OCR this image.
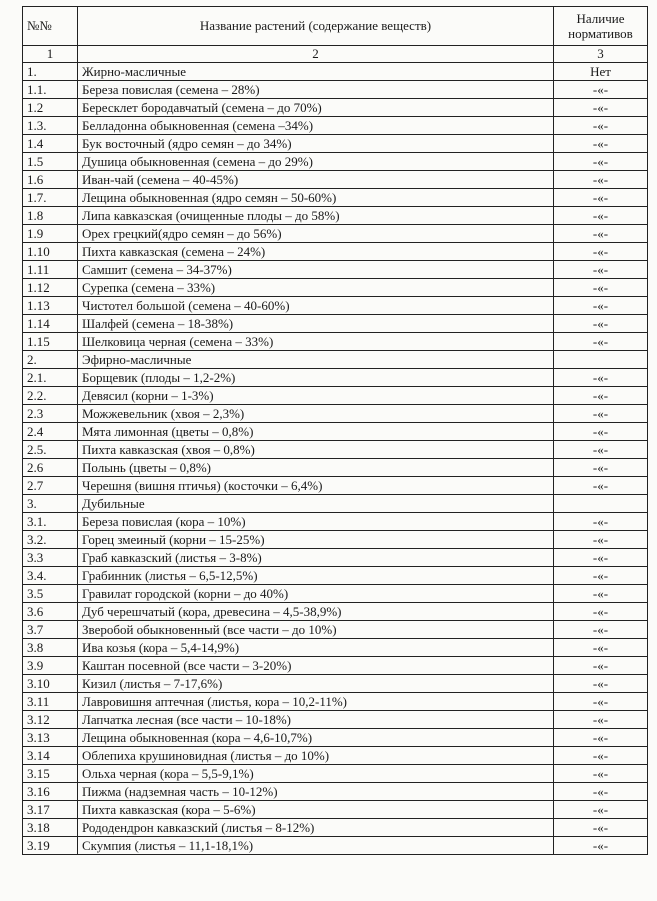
№№	Название растений (содержание веществ)	Наличие
нормативов
1	2	3
1.	Жирно-масличные	Нет
1.1.	Береза повислая (семена – 28%)	-«-
1.2	Бересклет бородавчатый (семена – до 70%)	-«-
1.3.	Белладонна обыкновенная (семена –34%)	-«-
1.4	Бук восточный (ядро семян – до 34%)	-«-
1.5	Душица обыкновенная (семена – до 29%)	-«-
1.6	Иван-чай (семена – 40-45%)	-«-
1.7.	Лещина обыкновенная (ядро семян – 50-60%)	-«-
1.8	Липа кавказская (очищенные плоды – до 58%)	-«-
1.9	Орех грецкий(ядро семян – до 56%)	-«-
1.10	Пихта кавказская (семена – 24%)	-«-
1.11	Самшит (семена – 34-37%)	-«-
1.12	Сурепка (семена – 33%)	-«-
1.13	Чистотел большой (семена – 40-60%)	-«-
1.14	Шалфей (семена – 18-38%)	-«-
1.15	Шелковица черная (семена – 33%)	-«-
2.	Эфирно-масличные	
2.1.	Борщевик (плоды – 1,2-2%)	-«-
2.2.	Девясил (корни – 1-3%)	-«-
2.3	Можжевельник (хвоя – 2,3%)	-«-
2.4	Мята лимонная (цветы – 0,8%)	-«-
2.5.	Пихта кавказская (хвоя – 0,8%)	-«-
2.6	Полынь (цветы – 0,8%)	-«-
2.7	Черешня (вишня птичья) (косточки – 6,4%)	-«-
3.	Дубильные	
3.1.	Береза повислая (кора – 10%)	-«-
3.2.	Горец змеиный (корни – 15-25%)	-«-
3.3	Граб кавказский (листья – 3-8%)	-«-
3.4.	Грабинник (листья – 6,5-12,5%)	-«-
3.5	Гравилат городской (корни – до 40%)	-«-
3.6	Дуб черешчатый (кора, древесина – 4,5-38,9%)	-«-
3.7	Зверобой обыкновенный (все части – до 10%)	-«-
3.8	Ива козья (кора – 5,4-14,9%)	-«-
3.9	Каштан посевной (все части – 3-20%)	-«-
3.10	Кизил (листья – 7-17,6%)	-«-
3.11	Лавровишня аптечная (листья, кора – 10,2-11%)	-«-
3.12	Лапчатка лесная (все части – 10-18%)	-«-
3.13	Лещина обыкновенная (кора – 4,6-10,7%)	-«-
3.14	Облепиха крушиновидная (листья – до 10%)	-«-
3.15	Ольха черная (кора – 5,5-9,1%)	-«-
3.16	Пижма (надземная часть – 10-12%)	-«-
3.17	Пихта кавказская (кора – 5-6%)	-«-
3.18	Рододендрон кавказский (листья – 8-12%)	-«-
3.19	Скумпия (листья – 11,1-18,1%)	-«-
